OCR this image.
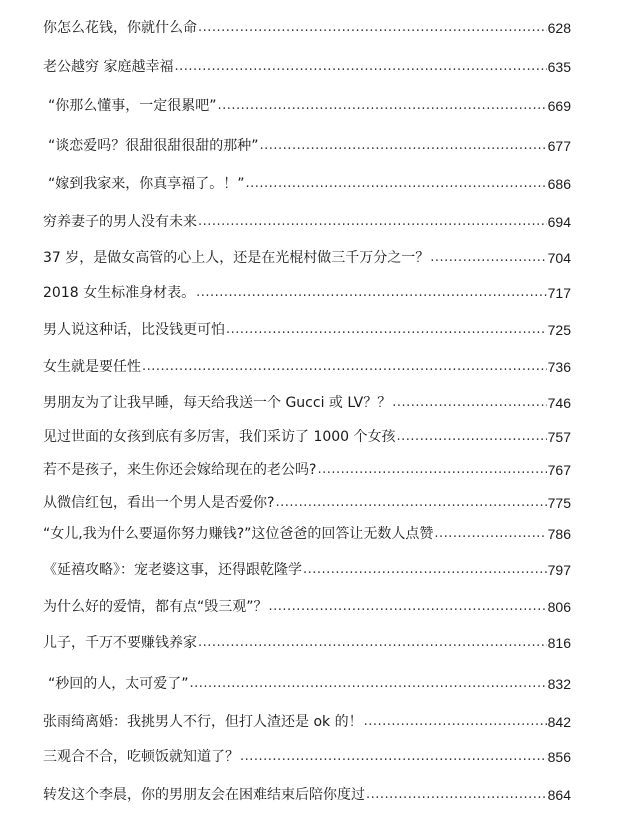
你怎么花钱，你就什么命 .....	628
老公越穷 家庭越幸福 .....	635
“你那么懂事，一定很累吧” .....	669
“谈恋爱吗？很甜很甜很甜的那种” .....	677
“嫁到我家来，你真享福了。！” .....	686
穷养妻子的男人没有未来 .....	694
37 岁，是做女高管的心上人，还是在光棍村做三千万分之一？ .....	704
2018 女生标准身材表。 .....	717
男人说这种话，比没钱更可怕 .....	725
女生就是要任性 .....	736
男朋友为了让我早睡，每天给我送一个 Gucci 或 LV？？ .....	746
见过世面的女孩到底有多厉害，我们采访了 1000 个女孩 .....	757
若不是孩子，来生你还会嫁给现在的老公吗? .....	767
从微信红包，看出一个男人是否爱你? .....	775
“女儿,我为什么要逼你努力赚钱?”这位爸爸的回答让无数人点赞 .....	786
《延禧攻略》：宠老婆这事，还得跟乾隆学 .....	797
为什么好的爱情，都有点“毁三观”？ .....	806
儿子，千万不要赚钱养家 .....	816
“秒回的人，太可爱了” .....	832
张雨绮离婚：我挑男人不行，但打人渣还是 ok 的！ .....	842
三观合不合，吃顿饭就知道了？ .....	856
转发这个李晨，你的男朋友会在困难结束后陪你度过 .....	864
